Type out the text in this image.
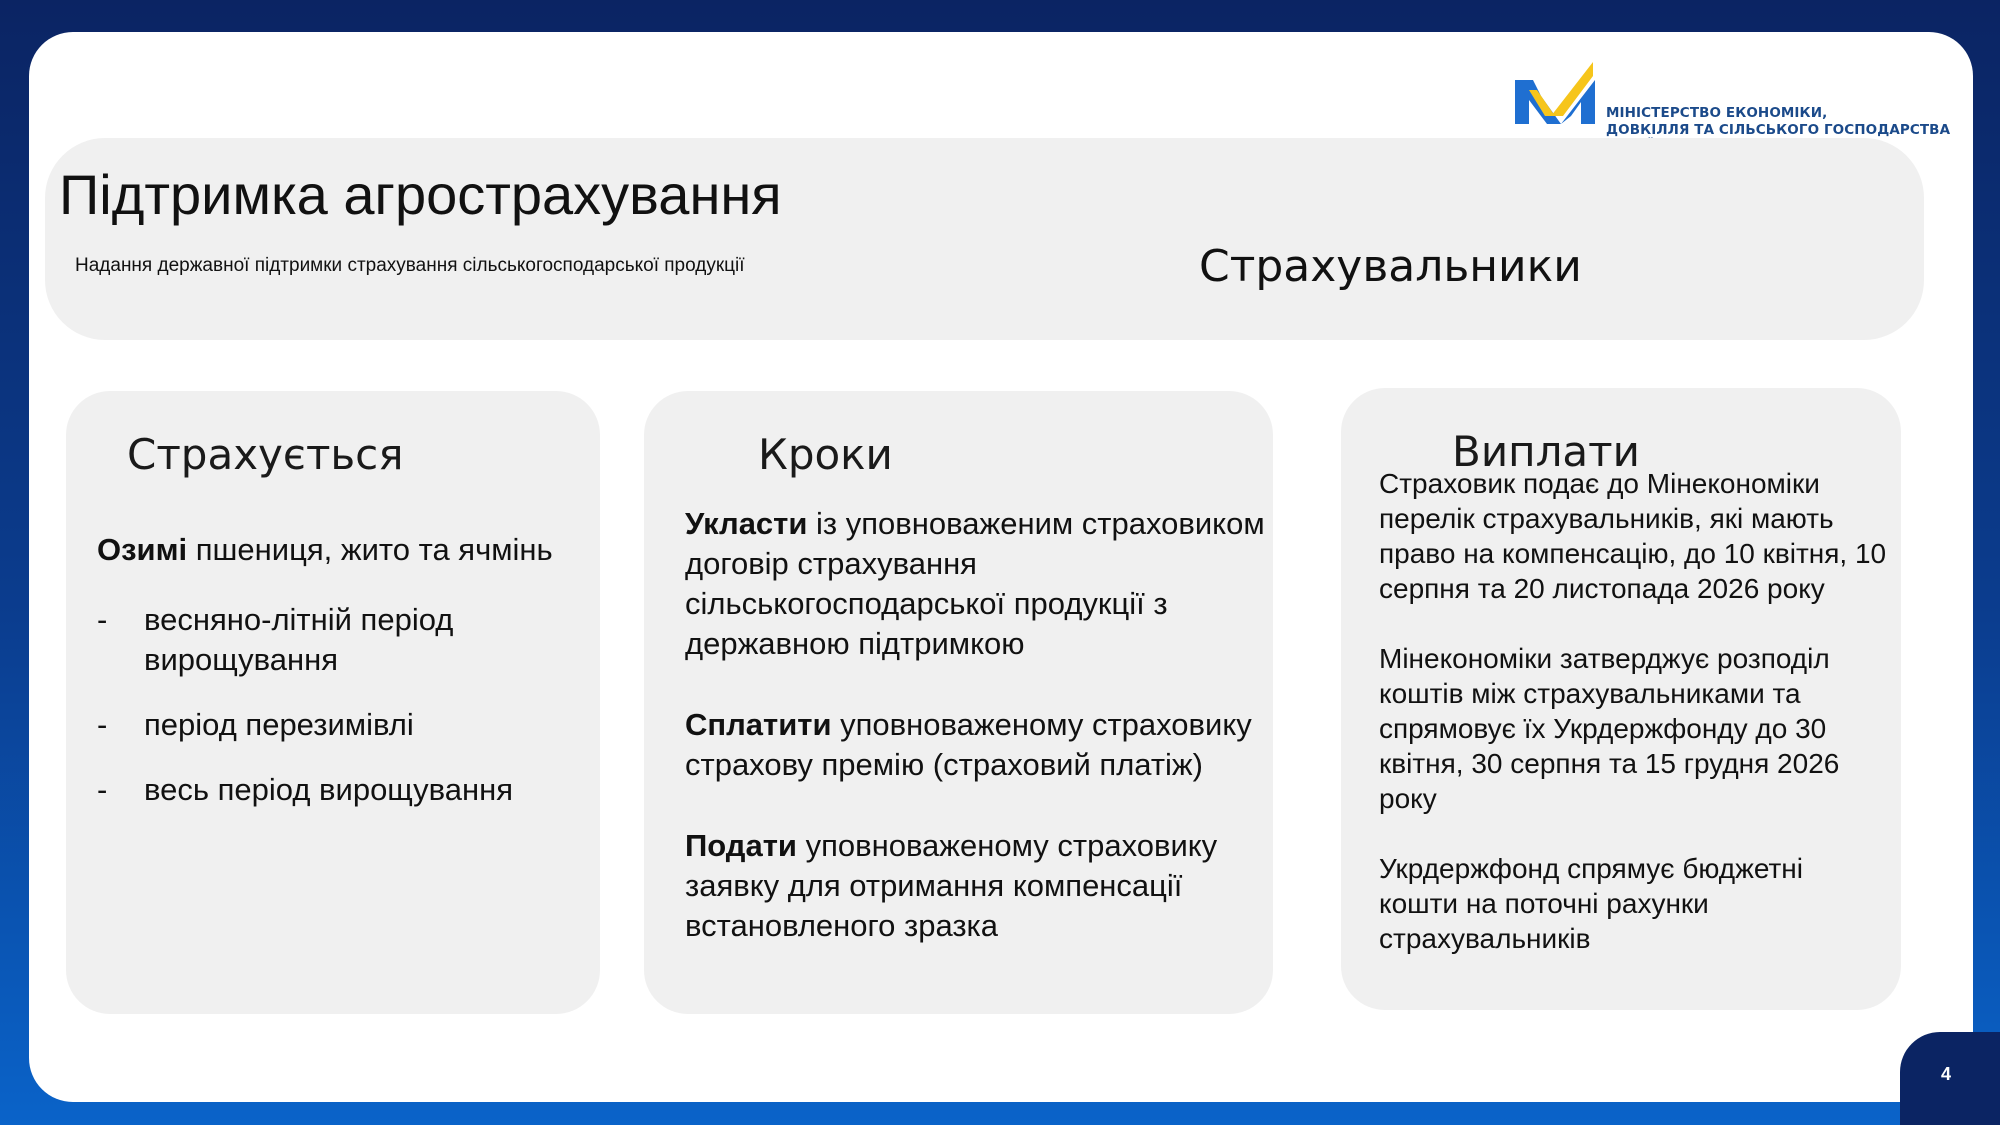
МІНІСТЕРСТВО ЕКОНОМІКИ,
ДОВКІЛЛЯ ТА СІЛЬСЬКОГО ГОСПОДАРСТВА
Підтримка агрострахування
Надання державної підтримки страхування сільськогосподарської продукції	Страхувальники
Страхується
Озимі пшениця, жито та ячмінь
- весняно-літній період вирощування
- період перезимівлі
- весь період вирощування
Кроки

Укласти із уповноваженим страховиком договір страхування сільськогосподарської продукції з державною підтримкою

Сплатити уповноваженому страховику страхову премію (страховий платіж)

Подати уповноваженому страховику заявку для отримання компенсації встановленого зразка

Виплати

Страховик подає до Мінекономіки перелік страхувальників, які мають право на компенсацію, до 10 квітня, 10 серпня та 20 листопада 2026 року

Мінекономіки затверджує розподіл коштів між страхувальниками та спрямовує їх Укрдержфонду до 30 квітня, 30 серпня та 15 грудня 2026 року

Укрдержфонд спрямує бюджетні кошти на поточні рахунки страхувальників

4
